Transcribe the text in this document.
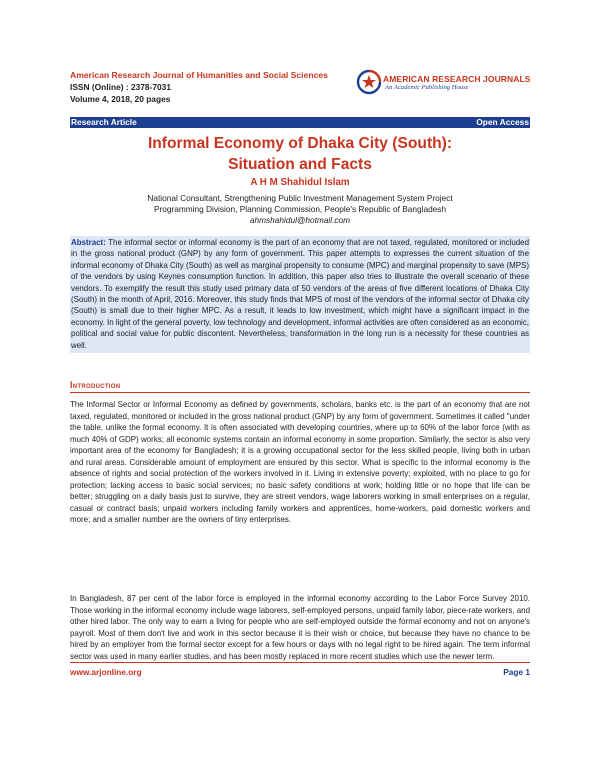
American Research Journal of Humanities and Social Sciences
ISSN (Online) : 2378-7031
Volume 4, 2018, 20 pages
AMERICAN RESEARCH JOURNALS
An Academic Publishing House
Research Article	Open Access
Informal Economy of Dhaka City (South):
Situation and Facts
A H M Shahidul Islam
National Consultant, Strengthening Public Investment Management System Project
Programming Division, Planning Commission, People's Republic of Bangladesh
ahmshahidul@hotmail.com
Abstract: The informal sector or informal economy is the part of an economy that are not taxed, regulated, monitored or included in the gross national product (GNP) by any form of government. This paper attempts to expresses the current situation of the informal economy of Dhaka City (South) as well as marginal propensity to consume (MPC) and marginal propensity to save (MPS) of the vendors by using Keynes consumption function. In addition, this paper also tries to illustrate the overall scenario of these vendors. To exemplify the result this study used primary data of 50 vendors of the areas of five different locations of Dhaka City (South) in the month of April, 2016. Moreover, this study finds that MPS of most of the vendors of the informal sector of Dhaka city (South) is small due to their higher MPC. As a result, it leads to low investment, which might have a significant impact in the economy. In light of the general poverty, low technology and development, informal activities are often considered as an economic, political and social value for public discontent. Nevertheless, transformation in the long run is a necessity for these countries as well.
Introduction
The Informal Sector or Informal Economy as defined by governments, scholars, banks etc. is the part of an economy that are not taxed, regulated, monitored or included in the gross national product (GNP) by any form of government. Sometimes it called "under the table, unlike the formal economy. It is often associated with developing countries, where up to 60% of the labor force (with as much 40% of GDP) works; all economic systems contain an informal economy in some proportion. Similarly, the sector is also very important area of the economy for Bangladesh; it is a growing occupational sector for the less skilled people, living both in urban and rural areas. Considerable amount of employment are ensured by this sector. What is specific to the informal economy is the absence of rights and social protection of the workers involved in it. Living in extensive poverty; exploited, with no place to go for protection; lacking access to basic social services; no basic safety conditions at work; holding little or no hope that life can be better; struggling on a daily basis just to survive, they are street vendors, wage laborers working in small enterprises on a regular, casual or contract basis; unpaid workers including family workers and apprentices, home-workers, paid domestic workers and more; and a smaller number are the owners of tiny enterprises.
In Bangladesh, 87 per cent of the labor force is employed in the informal economy according to the Labor Force Survey 2010. Those working in the informal economy include wage laborers, self-employed persons, unpaid family labor, piece-rate workers, and other hired labor. The only way to earn a living for people who are self-employed outside the formal economy and not on anyone's payroll. Most of them don't live and work in this sector because it is their wish or choice, but because they have no chance to be hired by an employer from the formal sector except for a few hours or days with no legal right to be hired again. The term informal sector was used in many earlier studies, and has been mostly replaced in more recent studies which use the newer term.
www.arjonline.org	Page 1
